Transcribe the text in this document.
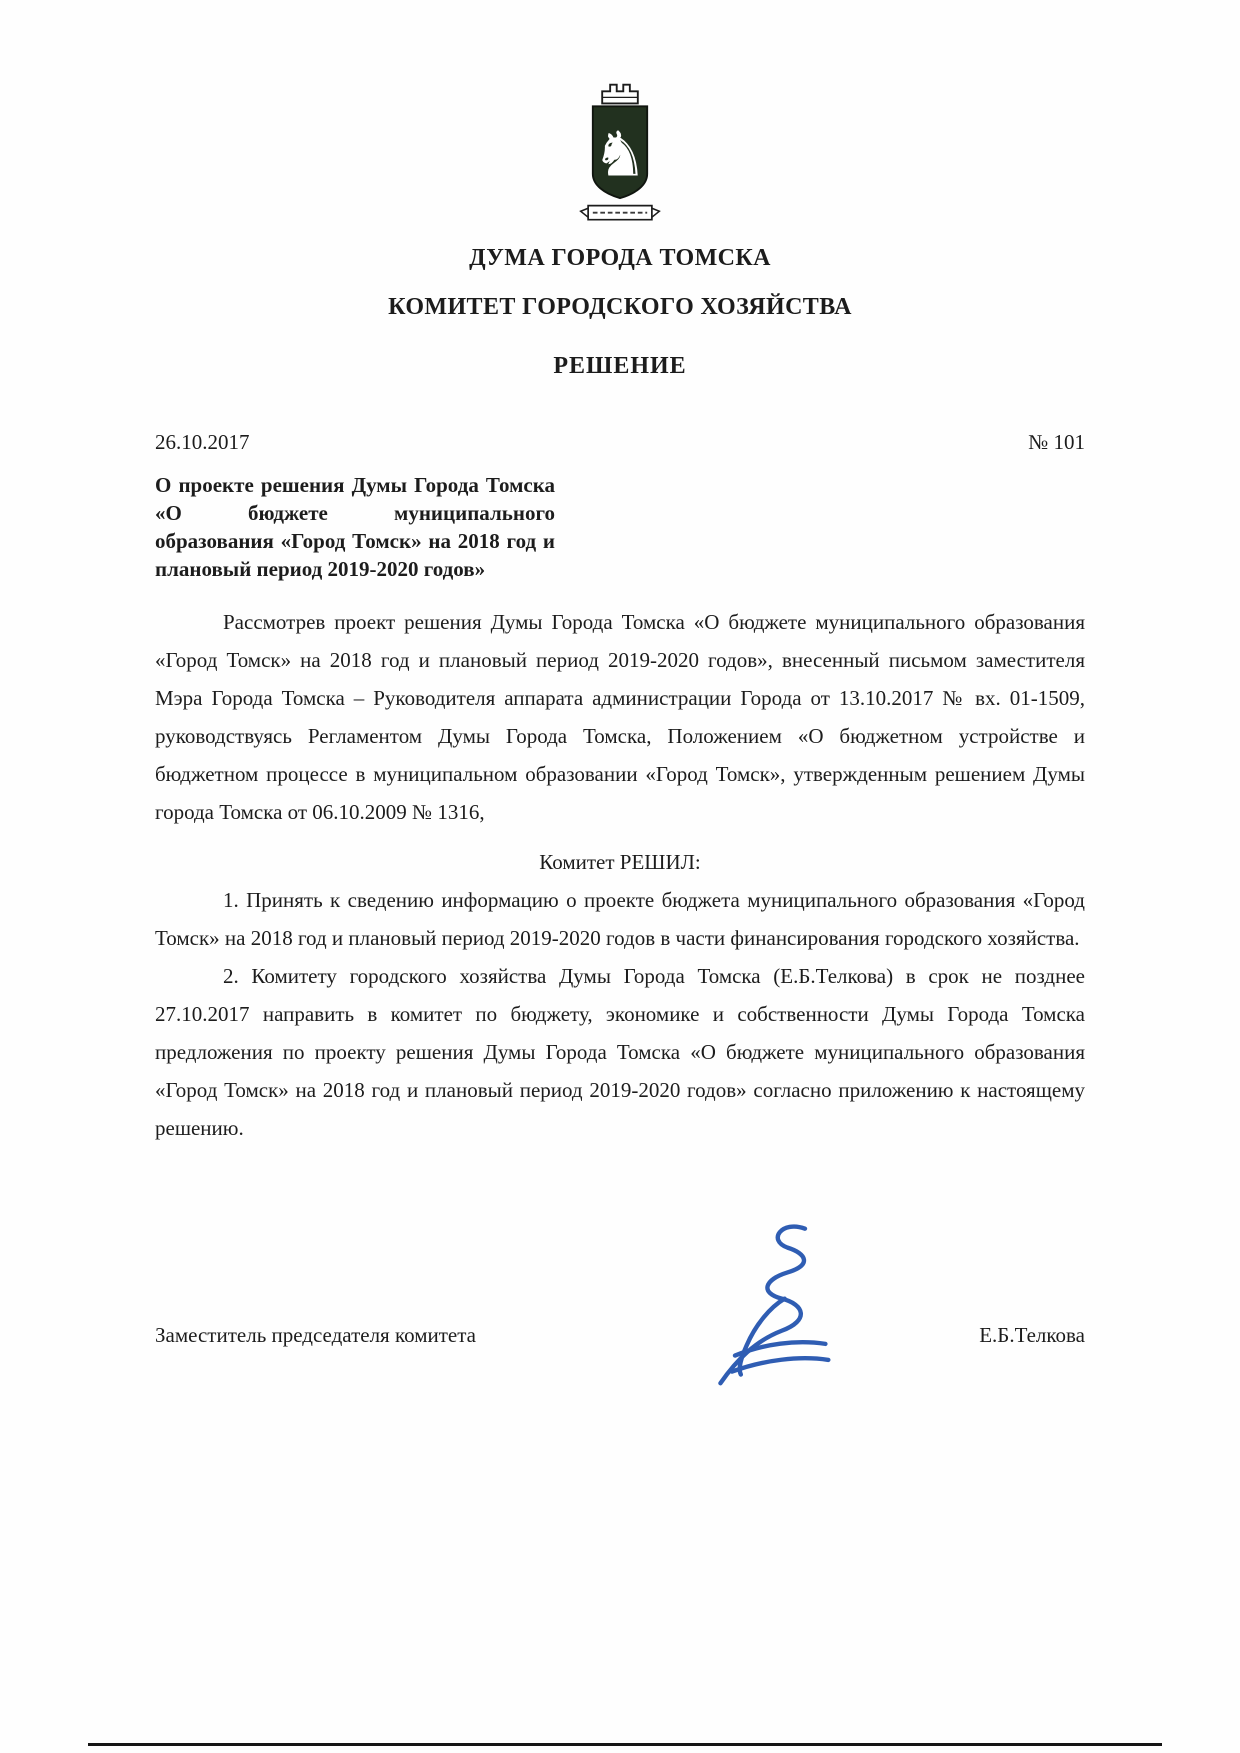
♞
ДУМА ГОРОДА ТОМСКА
КОМИТЕТ ГОРОДСКОГО ХОЗЯЙСТВА
РЕШЕНИЕ
26.10.2017	№ 101
О проекте решения Думы Города Томска «О бюджете муниципального образования «Город Томск» на 2018 год и плановый период 2019-2020 годов»
Рассмотрев проект решения Думы Города Томска «О бюджете муниципального образования «Город Томск» на 2018 год и плановый период 2019-2020 годов», внесенный письмом заместителя Мэра Города Томска – Руководителя аппарата администрации Города от 13.10.2017 № вх. 01-1509, руководствуясь Регламентом Думы Города Томска, Положением «О бюджетном устройстве и бюджетном процессе в муниципальном образовании «Город Томск», утвержденным решением Думы города Томска от 06.10.2009 № 1316,
Комитет РЕШИЛ:
1. Принять к сведению информацию о проекте бюджета муниципального образования «Город Томск» на 2018 год и плановый период 2019-2020 годов в части финансирования городского хозяйства.
2. Комитету городского хозяйства Думы Города Томска (Е.Б.Телкова) в срок не позднее 27.10.2017 направить в комитет по бюджету, экономике и собственности Думы Города Томска предложения по проекту решения Думы Города Томска «О бюджете муниципального образования «Город Томск» на 2018 год и плановый период 2019-2020 годов» согласно приложению к настоящему решению.
Заместитель председателя комитета	Е.Б.Телкова
